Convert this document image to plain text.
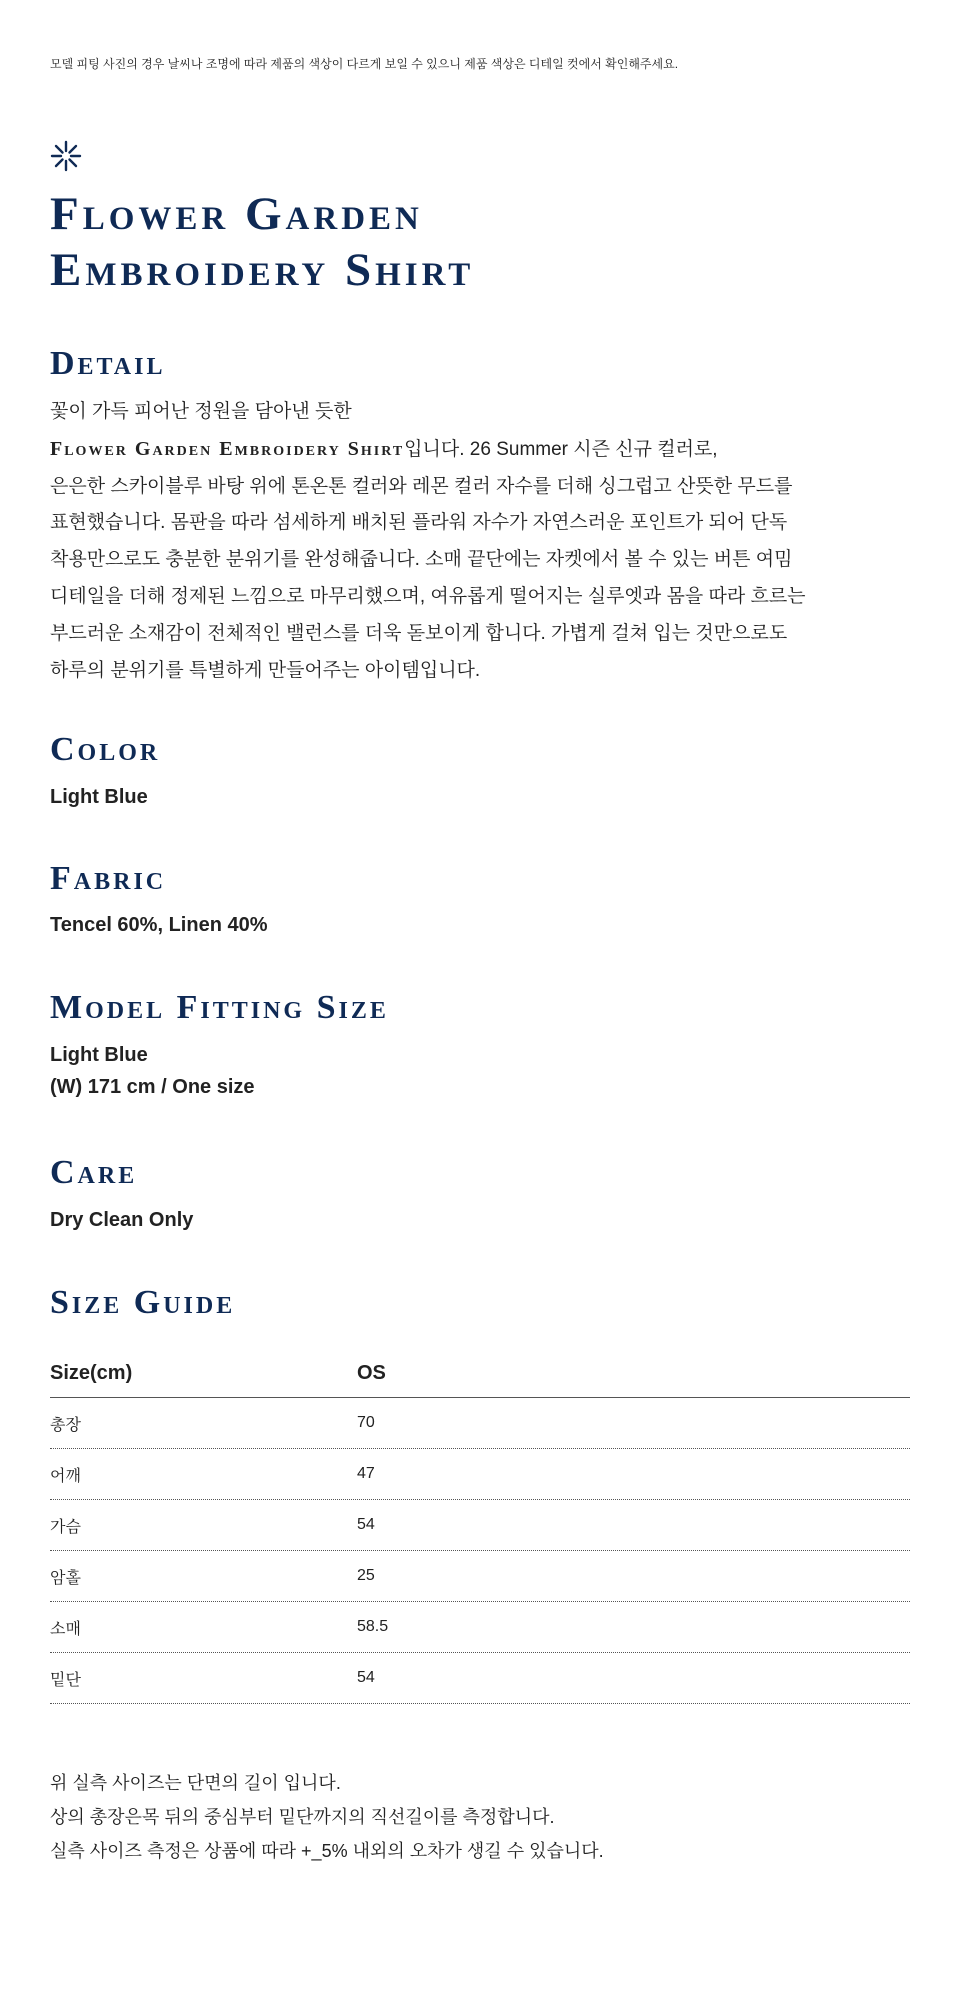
모델 피팅 사진의 경우 날씨나 조명에 따라 제품의 색상이 다르게 보일 수 있으니 제품 색상은 디테일 컷에서 확인해주세요.
Flower Garden
Embroidery Shirt
Detail
꽃이 가득 피어난 정원을 담아낸 듯한
Flower Garden Embroidery Shirt입니다. 26 Summer 시즌 신규 컬러로,
은은한 스카이블루 바탕 위에 톤온톤 컬러와 레몬 컬러 자수를 더해 싱그럽고 산뜻한 무드를
표현했습니다. 몸판을 따라 섬세하게 배치된 플라워 자수가 자연스러운 포인트가 되어 단독
착용만으로도 충분한 분위기를 완성해줍니다. 소매 끝단에는 자켓에서 볼 수 있는 버튼 여밈
디테일을 더해 정제된 느낌으로 마무리했으며, 여유롭게 떨어지는 실루엣과 몸을 따라 흐르는
부드러운 소재감이 전체적인 밸런스를 더욱 돋보이게 합니다. 가볍게 걸쳐 입는 것만으로도
하루의 분위기를 특별하게 만들어주는 아이템입니다.
Color
Light Blue
Fabric
Tencel 60%, Linen 40%
Model Fitting Size
Light Blue
(W) 171 cm / One size
Care
Dry Clean Only
Size Guide
Size(cm)	OS
총장	70
어깨	47
가슴	54
암홀	25
소매	58.5
밑단	54
위 실측 사이즈는 단면의 길이 입니다.
상의 총장은목 뒤의 중심부터 밑단까지의 직선길이를 측정합니다.
실측 사이즈 측정은 상품에 따라 +_5% 내외의 오차가 생길 수 있습니다.
